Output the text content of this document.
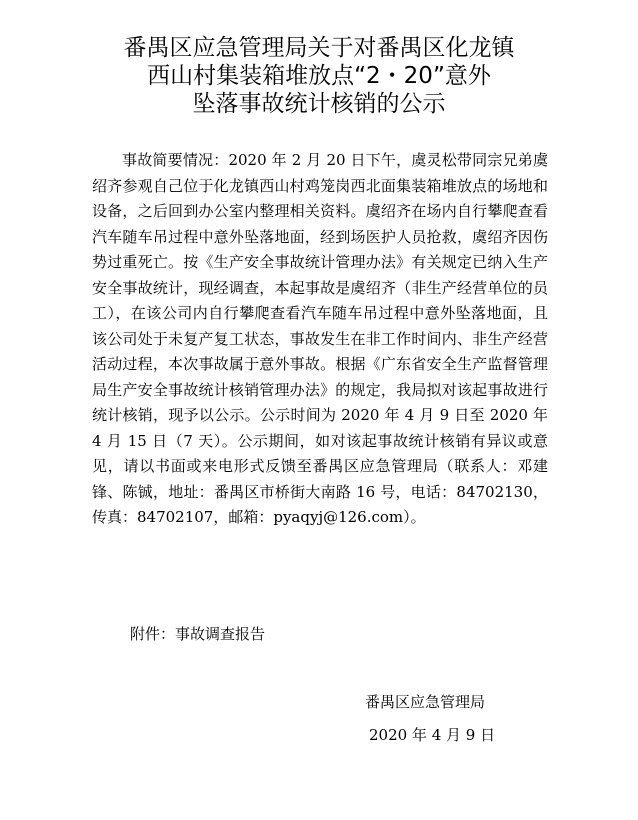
番禺区应急管理局关于对番禺区化龙镇
西山村集装箱堆放点“2・20”意外
坠落事故统计核销的公示

事故简要情况：2020 年 2 月 20 日下午，虞灵松带同宗兄弟虞绍齐参观自己位于化龙镇西山村鸡笼岗西北面集装箱堆放点的场地和设备，之后回到办公室内整理相关资料。虞绍齐在场内自行攀爬查看汽车随车吊过程中意外坠落地面，经到场医护人员抢救，虞绍齐因伤势过重死亡。按《生产安全事故统计管理办法》有关规定已纳入生产安全事故统计，现经调查，本起事故是虞绍齐（非生产经营单位的员工），在该公司内自行攀爬查看汽车随车吊过程中意外坠落地面，且该公司处于未复产复工状态，事故发生在非工作时间内、非生产经营活动过程，本次事故属于意外事故。根据《广东省安全生产监督管理局生产安全事故统计核销管理办法》的规定，我局拟对该起事故进行统计核销，现予以公示。公示时间为 2020 年 4 月 9 日至 2020 年 4 月 15 日（7 天）。公示期间，如对该起事故统计核销有异议或意见，请以书面或来电形式反馈至番禺区应急管理局（联系人：邓建锋、陈铖，地址：番禺区市桥街大南路 16 号，电话：84702130，传真：84702107，邮箱：pyaqyj@126.com）。

附件：事故调查报告
番禺区应急管理局
2020 年 4 月 9 日
